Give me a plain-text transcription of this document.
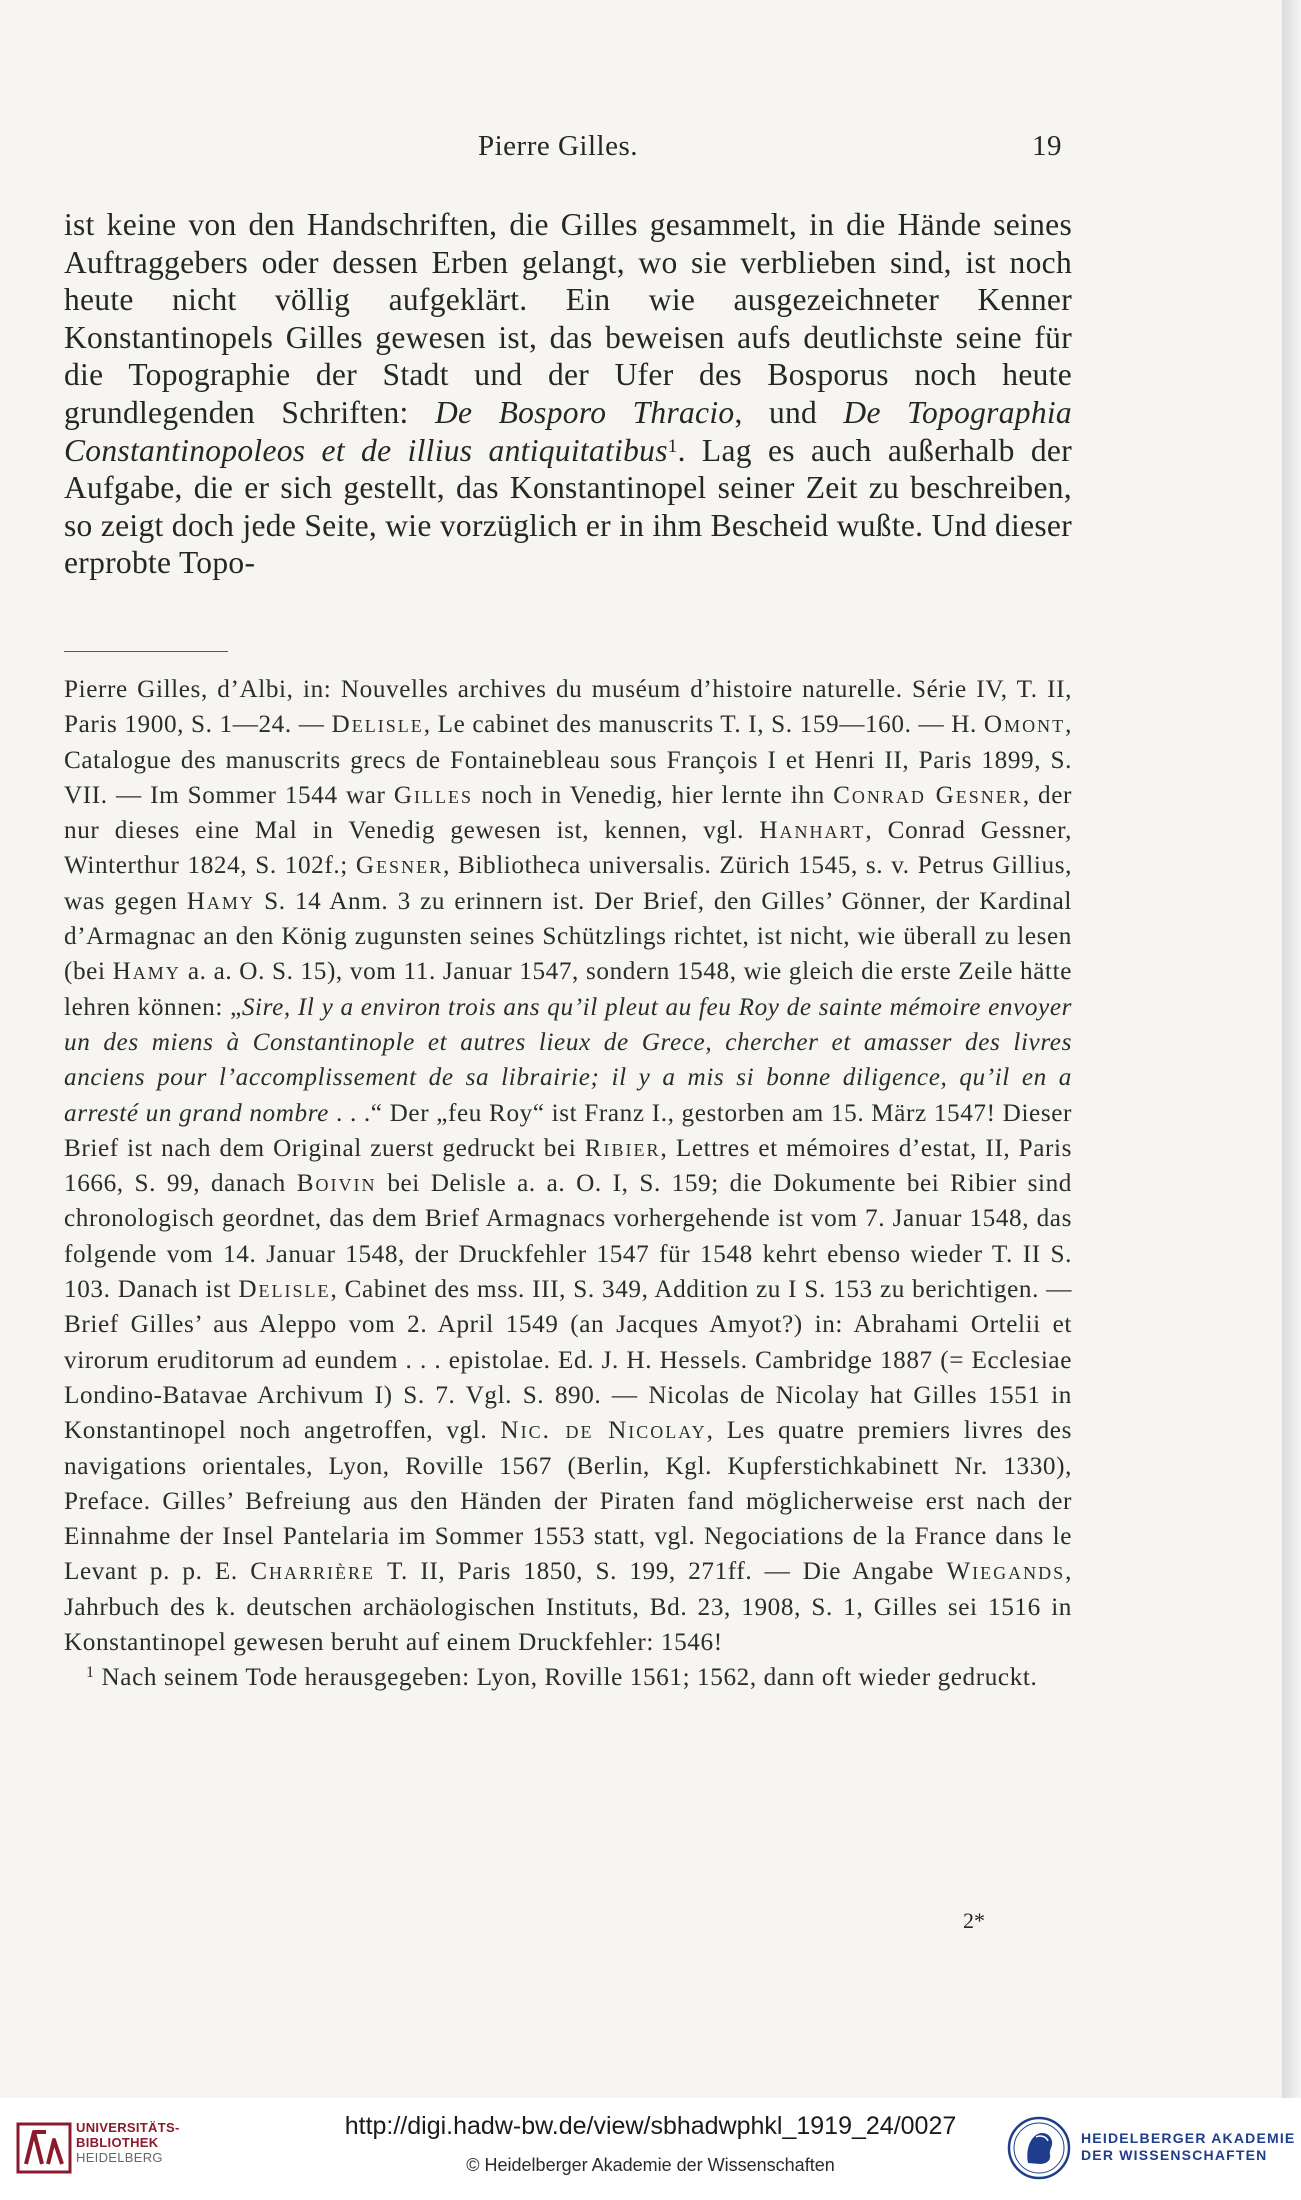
Pierre Gilles.	19

ist keine von den Handschriften, die Gilles gesammelt, in die Hände seines Auftraggebers oder dessen Erben gelangt, wo sie verblieben sind, ist noch heute nicht völlig aufgeklärt. Ein wie ausgezeichneter Kenner Konstantinopels Gilles gewesen ist, das beweisen aufs deutlichste seine für die Topographie der Stadt und der Ufer des Bosporus noch heute grundlegenden Schriften: De Bosporo Thracio, und De Topographia Constantinopoleos et de illius antiquitatibus$^1$. Lag es auch außerhalb der Aufgabe, die er sich gestellt, das Konstantinopel seiner Zeit zu beschreiben, so zeigt doch jede Seite, wie vorzüglich er in ihm Bescheid wußte. Und dieser erprobte Topo-

Pierre Gilles, d’Albi, in: Nouvelles archives du muséum d’histoire naturelle. Série IV, T. II, Paris 1900, S. 1—24. — Delisle, Le cabinet des manuscrits T. I, S. 159—160. — H. Omont, Catalogue des manuscrits grecs de Fontainebleau sous François I et Henri II, Paris 1899, S. VII. — Im Sommer 1544 war Gilles noch in Venedig, hier lernte ihn Conrad Gesner, der nur dieses eine Mal in Venedig gewesen ist, kennen, vgl. Hanhart, Conrad Gessner, Winterthur 1824, S. 102f.; Gesner, Bibliotheca universalis. Zürich 1545, s. v. Petrus Gillius, was gegen Hamy S. 14 Anm. 3 zu erinnern ist. Der Brief, den Gilles’ Gönner, der Kardinal d’Armagnac an den König zugunsten seines Schützlings richtet, ist nicht, wie überall zu lesen (bei Hamy a. a. O. S. 15), vom 11. Januar 1547, sondern 1548, wie gleich die erste Zeile hätte lehren können: „Sire, Il y a environ trois ans qu’il pleut au feu Roy de sainte mémoire envoyer un des miens à Constantinople et autres lieux de Grece, chercher et amasser des livres anciens pour l’accomplissement de sa librairie; il y a mis si bonne diligence, qu’il en a arresté un grand nombre . . .“ Der „feu Roy“ ist Franz I., gestorben am 15. März 1547! Dieser Brief ist nach dem Original zuerst gedruckt bei Ribier, Lettres et mémoires d’estat, II, Paris 1666, S. 99, danach Boivin bei Delisle a. a. O. I, S. 159; die Dokumente bei Ribier sind chronologisch geordnet, das dem Brief Armagnacs vorhergehende ist vom 7. Januar 1548, das folgende vom 14. Januar 1548, der Druckfehler 1547 für 1548 kehrt ebenso wieder T. II S. 103. Danach ist Delisle, Cabinet des mss. III, S. 349, Addition zu I S. 153 zu berichtigen. — Brief Gilles’ aus Aleppo vom 2. April 1549 (an Jacques Amyot?) in: Abrahami Ortelii et virorum eruditorum ad eundem . . . epistolae. Ed. J. H. Hessels. Cambridge 1887 (= Ecclesiae Londino-Batavae Archivum I) S. 7. Vgl. S. 890. — Nicolas de Nicolay hat Gilles 1551 in Konstantinopel noch angetroffen, vgl. Nic. de Nicolay, Les quatre premiers livres des navigations orientales, Lyon, Roville 1567 (Berlin, Kgl. Kupferstichkabinett Nr. 1330), Preface. Gilles’ Befreiung aus den Händen der Piraten fand möglicherweise erst nach der Einnahme der Insel Pantelaria im Sommer 1553 statt, vgl. Negociations de la France dans le Levant p. p. E. Charrière T. II, Paris 1850, S. 199, 271ff. — Die Angabe Wiegands, Jahrbuch des k. deutschen archäologischen Instituts, Bd. 23, 1908, S. 1, Gilles sei 1516 in Konstantinopel gewesen beruht auf einem Druckfehler: 1546!

$^1$ Nach seinem Tode herausgegeben: Lyon, Roville 1561; 1562, dann oft wieder gedruckt.

2*
UNIVERSITÄTS-
BIBLIOTHEK
HEIDELBERG
http://digi.hadw-bw.de/view/sbhadwphkl_1919_24/0027
© Heidelberger Akademie der Wissenschaften
HEIDELBERGER AKADEMIE
DER WISSENSCHAFTEN
